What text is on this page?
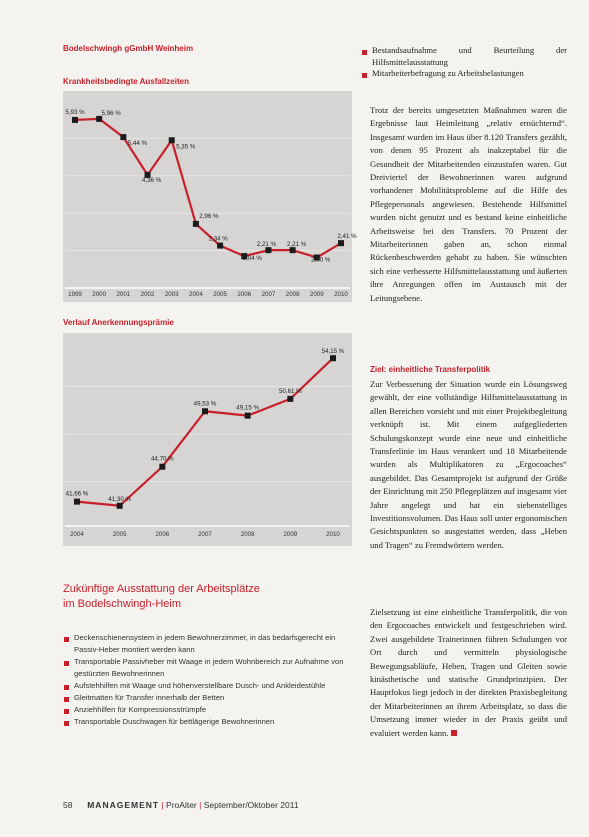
Bodelschwingh gGmbH Weinheim
Krankheitsbedingte Ausfallzeiten
5,93 %
1999
5,96 %
2000
5,44 %
2001
4,36 %
2002
5,35 %
2003
2,96 %
2004
2,34 %
2005
2,04 %
2006
2,21 %
2007
2,21 %
2008
2,00 %
2009
2,41 %
2010
Verlauf Anerkennungsprämie
41,66 %
2004
41,30 %
2005
44,70 %
2006
49,53 %
2007
49,15 %
2008
50,61 %
2009
54,15 %
2010
Zukünftige Ausstattung der Arbeitsplätze
im Bodelschwingh-Heim
Deckenschienensystem in jedem Bewohnerzimmer, in das bedarfsgerecht ein Passiv-Heber montiert werden kann
Transportable Passivheber mit Waage in jedem Wohnbereich zur Aufnahme von gestürzten Bewohnerinnen
Aufstehhilfen mit Waage und höhenverstellbare Dusch- und Ankleidestühle
Gleitmatten für Transfer innerhalb der Betten
Anziehhilfen für Kompressionsstrümpfe
Transportable Duschwagen für bettlägerige Bewohnerinnen
Bestandsaufnahme und Beurteilung der Hilfsmittelausstattung
Mitarbeiterbefragung zu Arbeitsbelastungen
Trotz der bereits umgesetzten Maßnahmen waren die Ergebnisse laut Heimleitung „relativ ernüchternd“. Insgesamt wurden im Haus über 8.120 Transfers gezählt, von denen 95 Prozent als inakzeptabel für die Gesundheit der Mitarbeitenden einzustufen waren. Gut Dreiviertel der Bewohnerinnen waren aufgrund vorhandener Mobilitätsprobleme auf die Hilfe des Pflegepersonals angewiesen. Bestehende Hilfsmittel wurden nicht genutzt und es bestand keine einheitliche Arbeitsweise bei den Transfers. 70 Prozent der Mitarbeiterinnen gaben an, schon einmal Rückenbeschwerden gehabt zu haben. Sie wünschten sich eine verbesserte Hilfsmittelausstattung und äußerten ihre Anregungen offen im Austausch mit der Leitungsebene.
Ziel: einheitliche Transferpolitik
Zur Verbesserung der Situation wurde ein Lösungsweg gewählt, der eine vollständige Hilfsmittelausstattung in allen Bereichen vorsieht und mit einer Projektbegleitung verknüpft ist. Mit einem aufgegliederten Schulungskonzept wurde eine neue und einheitliche Transferlinie im Haus verankert und 18 Mitarbeitende wurden als Multiplikatoren zu „Ergocoaches“ ausgebildet. Das Gesamtprojekt ist aufgrund der Größe der Einrichtung mit 250 Pflegeplätzen auf insgesamt vier Jahre angelegt und hat ein siebenstelliges Investitionsvolumen. Das Haus soll unter ergonomischen Gesichtspunkten so ausgestattet werden, dass „Heben und Tragen“ zu Fremdwörtern werden.
Zielsetzung ist eine einheitliche Transferpolitik, die von den Ergocoaches entwickelt und festgeschrieben wird. Zwei ausgebildete Trainerinnen führen Schulungen vor Ort durch und vermitteln physiologische Bewegungsabläufe, Heben, Tragen und Gleiten sowie kinästhetische und statische Grundprinzipien. Der Hauptfokus liegt jedoch in der direkten Praxisbegleitung der Mitarbeiterinnen an ihrem Arbeitsplatz, so dass die Umsetzung immer wieder in der Praxis geübt und evaluiert werden kann.
58 MANAGEMENT | ProAlter | September/Oktober 2011
